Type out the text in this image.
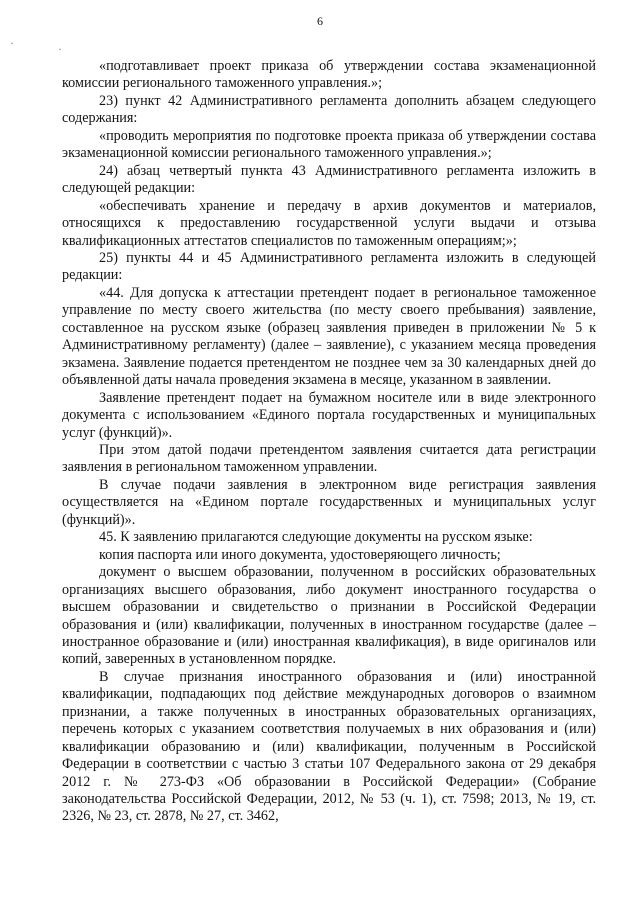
6
·	·

«подготавливает проект приказа об утверждении состава экзаменационной комиссии регионального таможенного управления.»;

23) пункт 42 Административного регламента дополнить абзацем следующего содержания:

«проводить мероприятия по подготовке проекта приказа об утверждении состава экзаменационной комиссии регионального таможенного управления.»;

24) абзац четвертый пункта 43 Административного регламента изложить в следующей редакции:

«обеспечивать хранение и передачу в архив документов и материалов, относящихся к предоставлению государственной услуги выдачи и отзыва квалификационных аттестатов специалистов по таможенным операциям;»;

25) пункты 44 и 45 Административного регламента изложить в следующей редакции:

«44. Для допуска к аттестации претендент подает в региональное таможенное управление по месту своего жительства (по месту своего пребывания) заявление, составленное на русском языке (образец заявления приведен в приложении № 5 к Административному регламенту) (далее – заявление), с указанием месяца проведения экзамена. Заявление подается претендентом не позднее чем за 30 календарных дней до объявленной даты начала проведения экзамена в месяце, указанном в заявлении.

Заявление претендент подает на бумажном носителе или в виде электронного документа с использованием «Единого портала государственных и муниципальных услуг (функций)».

При этом датой подачи претендентом заявления считается дата регистрации заявления в региональном таможенном управлении.

В случае подачи заявления в электронном виде регистрация заявления осуществляется на «Едином портале государственных и муниципальных услуг (функций)».

45. К заявлению прилагаются следующие документы на русском языке:

копия паспорта или иного документа, удостоверяющего личность;

документ о высшем образовании, полученном в российских образовательных организациях высшего образования, либо документ иностранного государства о высшем образовании и свидетельство о признании в Российской Федерации образования и (или) квалификации, полученных в иностранном государстве (далее – иностранное образование и (или) иностранная квалификация), в виде оригиналов или копий, заверенных в установленном порядке.

В случае признания иностранного образования и (или) иностранной квалификации, подпадающих под действие международных договоров о взаимном признании, а также полученных в иностранных образовательных организациях, перечень которых с указанием соответствия получаемых в них образования и (или) квалификации образованию и (или) квалификации, полученным в Российской Федерации в соответствии с частью 3 статьи 107 Федерального закона от 29 декабря 2012 г. № 273-ФЗ «Об образовании в Российской Федерации» (Собрание законодательства Российской Федерации, 2012, № 53 (ч. 1), ст. 7598; 2013, № 19, ст. 2326, № 23, ст. 2878, № 27, ст. 3462,
